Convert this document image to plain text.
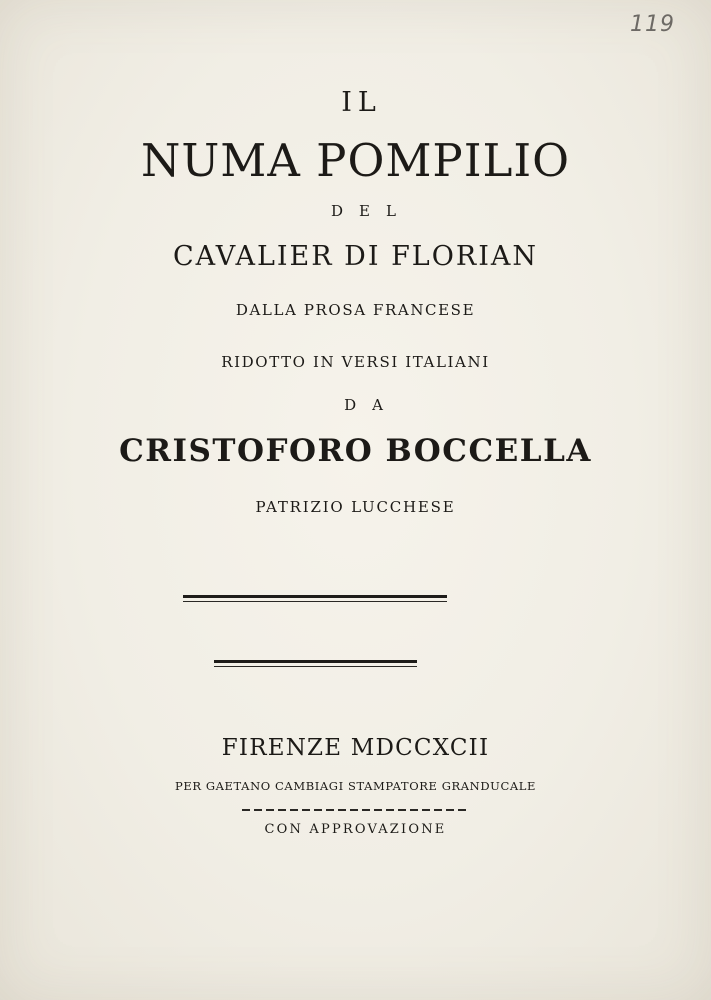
119
IL
NUMA POMPILIO
DEL
CAVALIER DI FLORIAN
DALLA PROSA FRANCESE
RIDOTTO IN VERSI ITALIANI
DA
CRISTOFORO BOCCELLA
PATRIZIO LUCCHESE
FIRENZE MDCCXCII
PER GAETANO CAMBIAGI STAMPATORE GRANDUCALE
CON APPROVAZIONE
